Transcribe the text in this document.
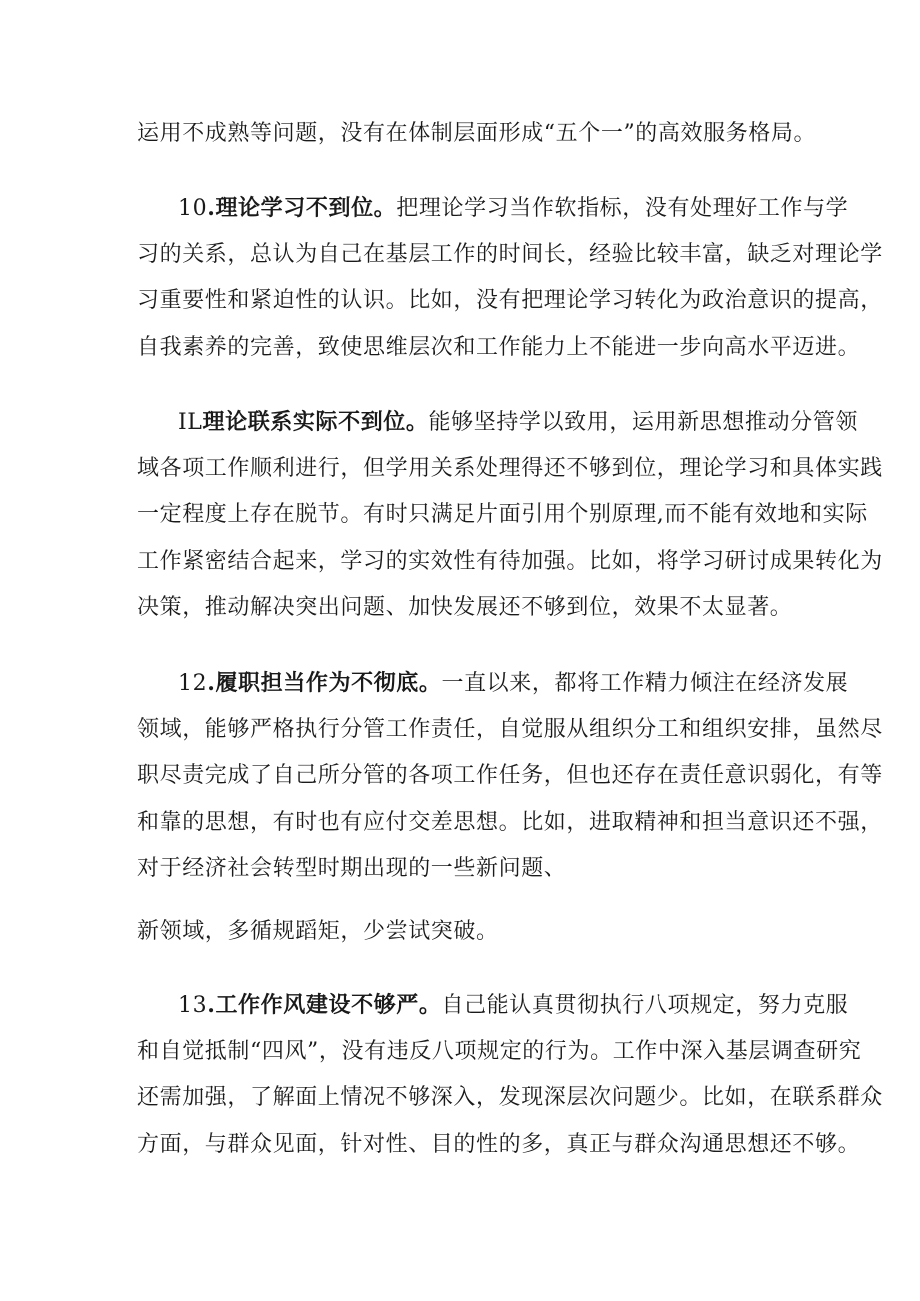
运用不成熟等问题，没有在体制层面形成“五个一”的高效服务格局。
10.理论学习不到位。把理论学习当作软指标，没有处理好工作与学
习的关系，总认为自己在基层工作的时间长，经验比较丰富，缺乏对理论学
习重要性和紧迫性的认识。比如，没有把理论学习转化为政治意识的提高，
自我素养的完善，致使思维层次和工作能力上不能进一步向高水平迈进。
IL理论联系实际不到位。能够坚持学以致用，运用新思想推动分管领
域各项工作顺利进行，但学用关系处理得还不够到位，理论学习和具体实践
一定程度上存在脱节。有时只满足片面引用个别原理,而不能有效地和实际
工作紧密结合起来，学习的实效性有待加强。比如，将学习研讨成果转化为
决策，推动解决突出问题、加快发展还不够到位，效果不太显著。
12.履职担当作为不彻底。一直以来，都将工作精力倾注在经济发展
领域，能够严格执行分管工作责任，自觉服从组织分工和组织安排，虽然尽
职尽责完成了自己所分管的各项工作任务，但也还存在责任意识弱化，有等
和靠的思想，有时也有应付交差思想。比如，进取精神和担当意识还不强，
对于经济社会转型时期出现的一些新问题、
新领域，多循规蹈矩，少尝试突破。
13.工作作风建设不够严。自己能认真贯彻执行八项规定，努力克服
和自觉抵制“四风”，没有违反八项规定的行为。工作中深入基层调查研究
还需加强，了解面上情况不够深入，发现深层次问题少。比如，在联系群众
方面，与群众见面，针对性、目的性的多，真正与群众沟通思想还不够。
